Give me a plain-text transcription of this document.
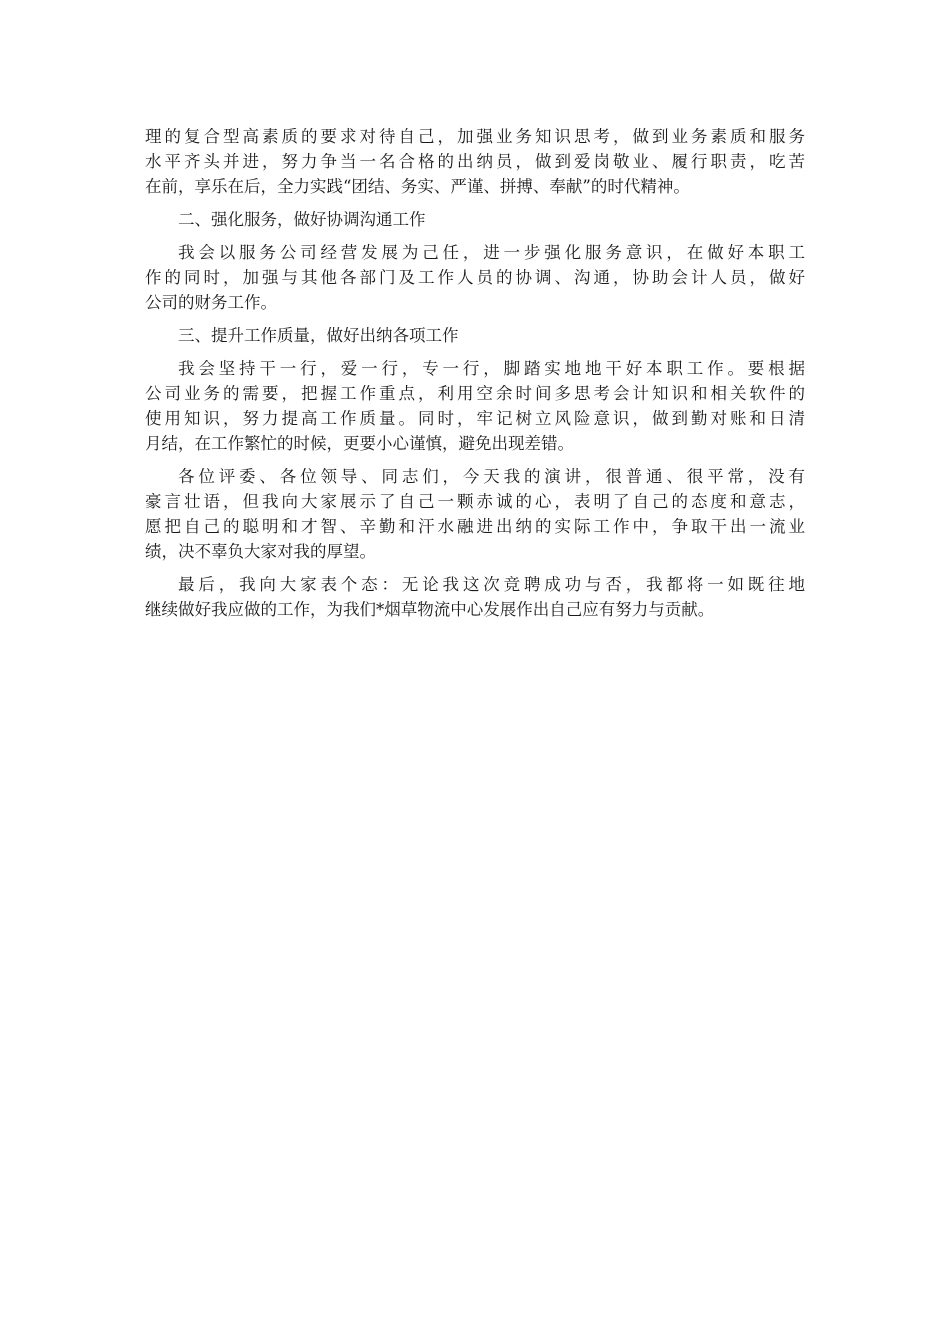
理的复合型高素质的要求对待自己，加强业务知识思考，做到业务素质和服务
水平齐头并进，努力争当一名合格的出纳员，做到爱岗敬业、履行职责，吃苦
在前，享乐在后，全力实践“团结、务实、严谨、拼搏、奉献”的时代精神。
二、强化服务，做好协调沟通工作
我会以服务公司经营发展为己任，进一步强化服务意识，在做好本职工
作的同时，加强与其他各部门及工作人员的协调、沟通，协助会计人员，做好
公司的财务工作。
三、提升工作质量，做好出纳各项工作
我会坚持干一行，爱一行，专一行，脚踏实地地干好本职工作。要根据
公司业务的需要，把握工作重点，利用空余时间多思考会计知识和相关软件的
使用知识，努力提高工作质量。同时，牢记树立风险意识，做到勤对账和日清
月结，在工作繁忙的时候，更要小心谨慎，避免出现差错。
各位评委、各位领导、同志们，今天我的演讲，很普通、很平常，没有
豪言壮语，但我向大家展示了自己一颗赤诚的心，表明了自己的态度和意志，
愿把自己的聪明和才智、辛勤和汗水融进出纳的实际工作中，争取干出一流业
绩，决不辜负大家对我的厚望。
最后，我向大家表个态：无论我这次竞聘成功与否，我都将一如既往地
继续做好我应做的工作，为我们*烟草物流中心发展作出自己应有努力与贡献。
